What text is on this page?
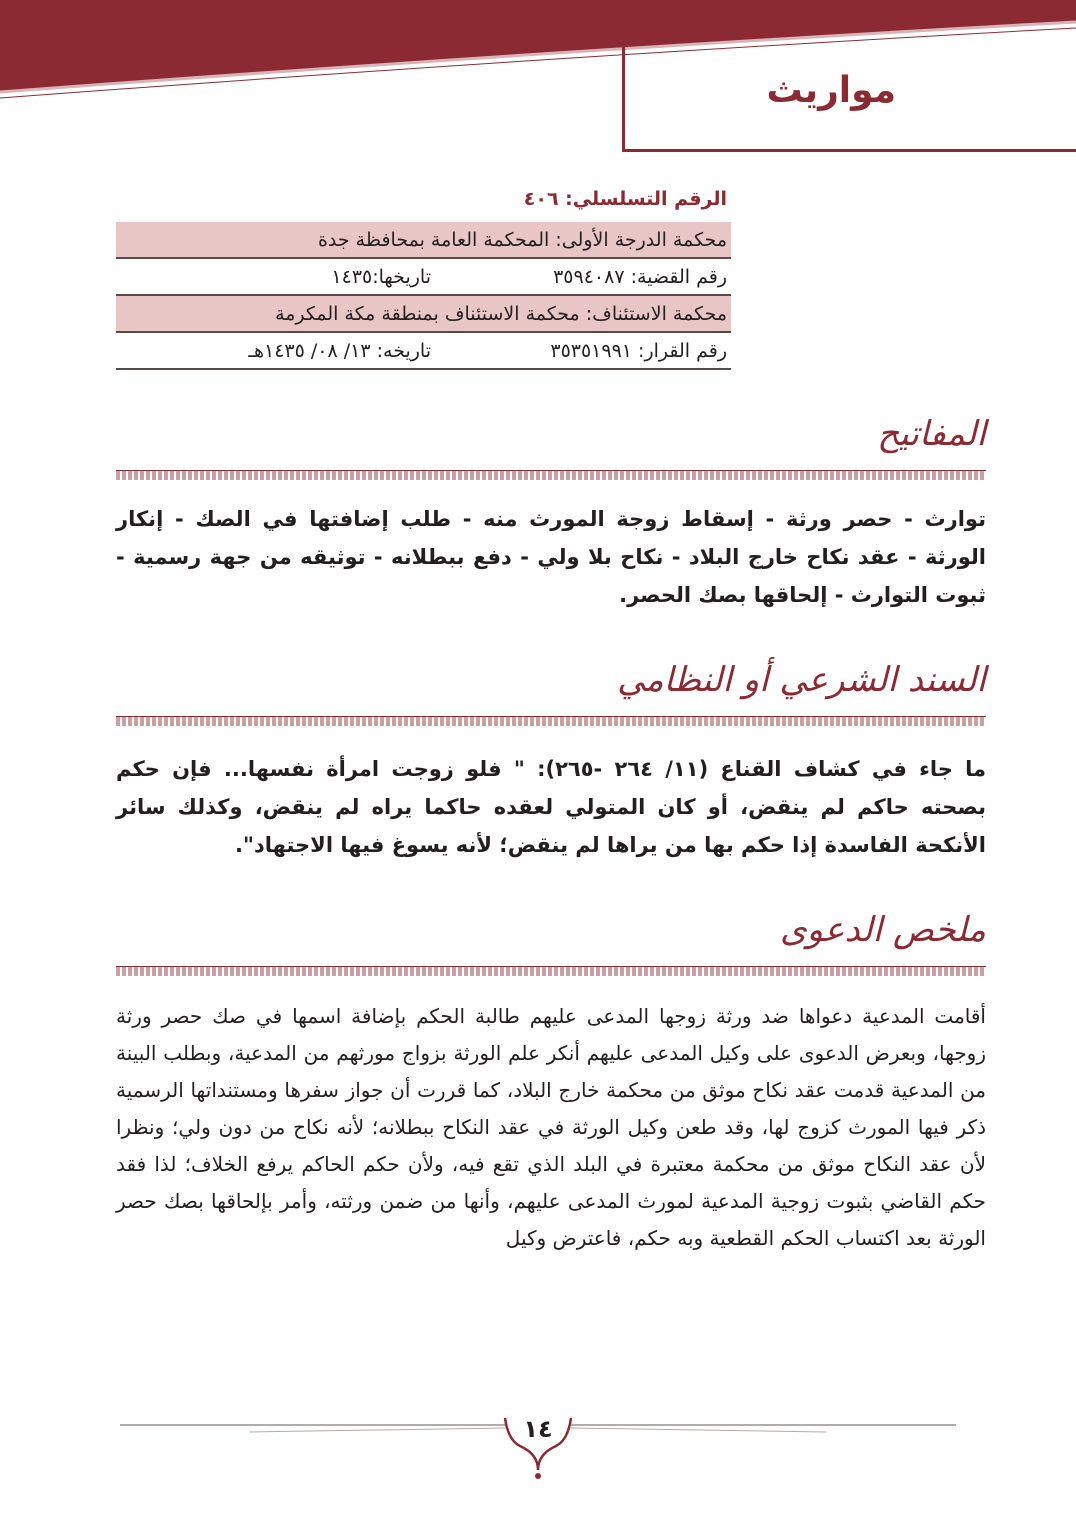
مواريث
الرقم التسلسلي: ٤٠٦
محكمة الدرجة الأولى: المحكمة العامة بمحافظة جدة
رقم القضية: ٣٥٩٤٠٨٧
تاريخها:١٤٣٥
محكمة الاستئناف: محكمة الاستئناف بمنطقة مكة المكرمة
رقم القرار: ٣٥٣٥١٩٩١
تاريخه: ١٣/ ٠٨/ ١٤٣٥هـ
المفاتيح

توارث - حصر ورثة - إسقاط زوجة المورث منه - طلب إضافتها في الصك - إنكار الورثة - عقد نكاح خارج البلاد - نكاح بلا ولي - دفع ببطلانه - توثيقه من جهة رسمية - ثبوت التوارث - إلحاقها بصك الحصر.

السند الشرعي أو النظامي

ما جاء في كشاف القناع (١١/ ٢٦٤ -٢٦٥): " فلو زوجت امرأة نفسها... فإن حكم بصحته حاكم لم ينقض، أو كان المتولي لعقده حاكما يراه لم ينقض، وكذلك سائر الأنكحة الفاسدة إذا حكم بها من يراها لم ينقض؛ لأنه يسوغ فيها الاجتهاد".

ملخص الدعوى

أقامت المدعية دعواها ضد ورثة زوجها المدعى عليهم طالبة الحكم بإضافة اسمها في صك حصر ورثة زوجها، وبعرض الدعوى على وكيل المدعى عليهم أنكر علم الورثة بزواج مورثهم من المدعية، وبطلب البينة من المدعية قدمت عقد نكاح موثق من محكمة خارج البلاد، كما قررت أن جواز سفرها ومستنداتها الرسمية ذكر فيها المورث كزوج لها، وقد طعن وكيل الورثة في عقد النكاح ببطلانه؛ لأنه نكاح من دون ولي؛ ونظرا لأن عقد النكاح موثق من محكمة معتبرة في البلد الذي تقع فيه، ولأن حكم الحاكم يرفع الخلاف؛ لذا فقد حكم القاضي بثبوت زوجية المدعية لمورث المدعى عليهم، وأنها من ضمن ورثته، وأمر بإلحاقها بصك حصر الورثة بعد اكتساب الحكم القطعية وبه حكم، فاعترض وكيل

١٤
